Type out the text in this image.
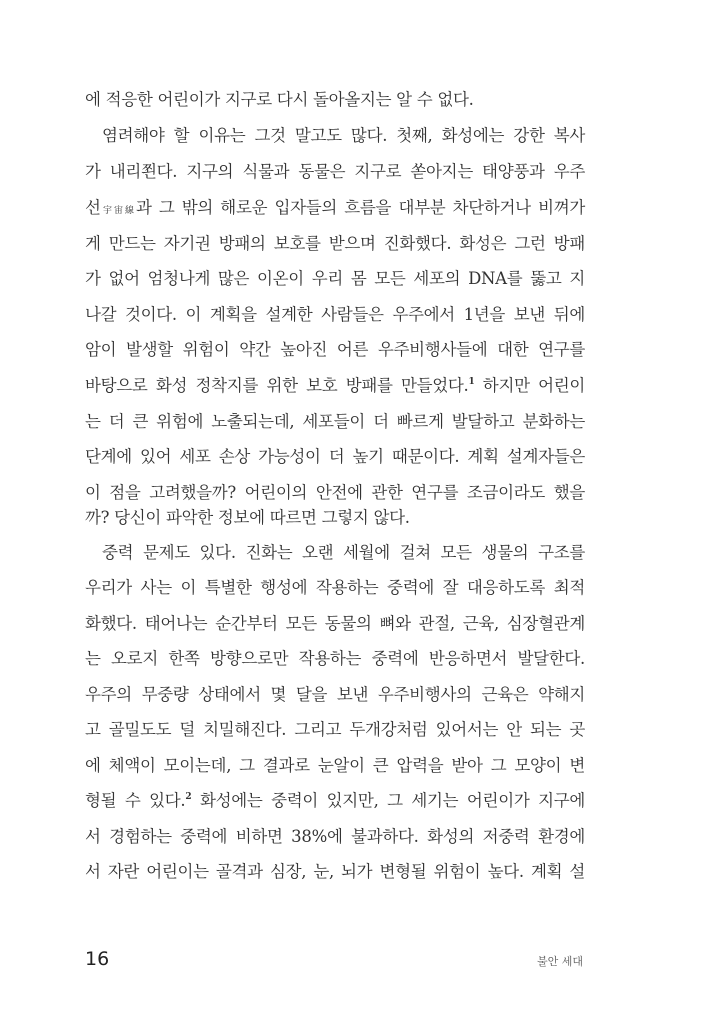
에 적응한 어린이가 지구로 다시 돌아올지는 알 수 없다.
염려해야 할 이유는 그것 말고도 많다. 첫째, 화성에는 강한 복사
가 내리쬔다. 지구의 식물과 동물은 지구로 쏟아지는 태양풍과 우주
선宇宙線과 그 밖의 해로운 입자들의 흐름을 대부분 차단하거나 비껴가
게 만드는 자기권 방패의 보호를 받으며 진화했다. 화성은 그런 방패
가 없어 엄청나게 많은 이온이 우리 몸 모든 세포의 DNA를 뚫고 지
나갈 것이다. 이 계획을 설계한 사람들은 우주에서 1년을 보낸 뒤에
암이 발생할 위험이 약간 높아진 어른 우주비행사들에 대한 연구를
바탕으로 화성 정착지를 위한 보호 방패를 만들었다.$^1$ 하지만 어린이
는 더 큰 위험에 노출되는데, 세포들이 더 빠르게 발달하고 분화하는
단계에 있어 세포 손상 가능성이 더 높기 때문이다. 계획 설계자들은
이 점을 고려했을까? 어린이의 안전에 관한 연구를 조금이라도 했을
까? 당신이 파악한 정보에 따르면 그렇지 않다.
중력 문제도 있다. 진화는 오랜 세월에 걸쳐 모든 생물의 구조를
우리가 사는 이 특별한 행성에 작용하는 중력에 잘 대응하도록 최적
화했다. 태어나는 순간부터 모든 동물의 뼈와 관절, 근육, 심장혈관계
는 오로지 한쪽 방향으로만 작용하는 중력에 반응하면서 발달한다.
우주의 무중량 상태에서 몇 달을 보낸 우주비행사의 근육은 약해지
고 골밀도도 덜 치밀해진다. 그리고 두개강처럼 있어서는 안 되는 곳
에 체액이 모이는데, 그 결과로 눈알이 큰 압력을 받아 그 모양이 변
형될 수 있다.$^2$ 화성에는 중력이 있지만, 그 세기는 어린이가 지구에
서 경험하는 중력에 비하면 38%에 불과하다. 화성의 저중력 환경에
서 자란 어린이는 골격과 심장, 눈, 뇌가 변형될 위험이 높다. 계획 설
16	불안 세대
